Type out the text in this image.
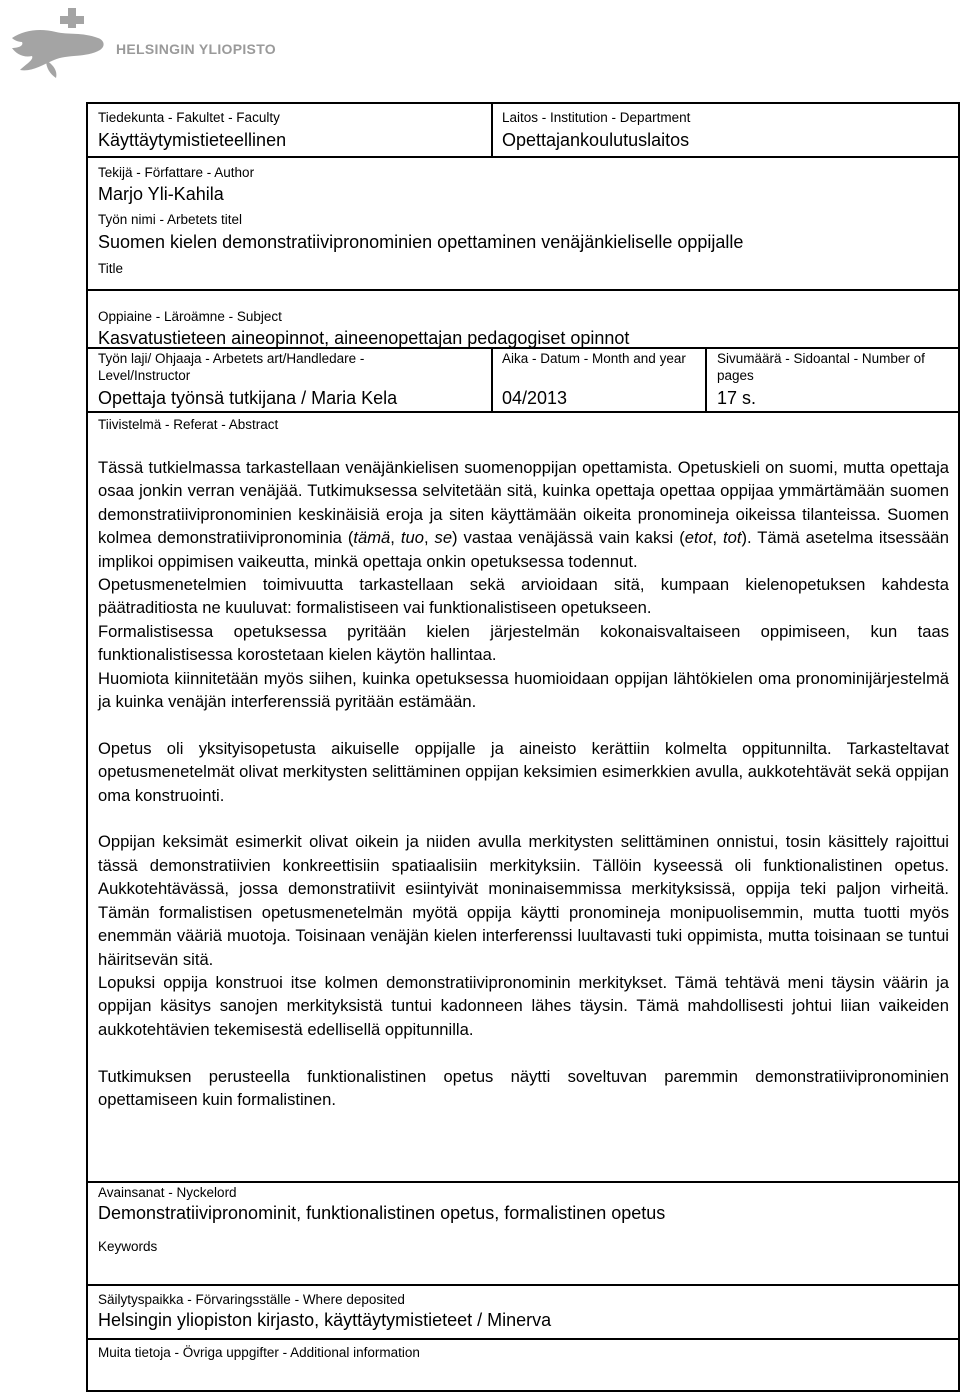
HELSINGIN YLIOPISTO
Tiedekunta - Fakultet - Faculty
Käyttäytymistieteellinen
Laitos - Institution - Department
Opettajankoulutuslaitos
Tekijä - Författare - Author
Marjo Yli-Kahila
Työn nimi - Arbetets titel
Suomen kielen demonstratiivipronominien opettaminen venäjänkieliselle oppijalle
Title
Oppiaine - Läroämne - Subject
Kasvatustieteen aineopinnot, aineenopettajan pedagogiset opinnot
Työn laji/ Ohjaaja - Arbetets art/Handledare - Level/Instructor
Opettaja työnsä tutkijana / Maria Kela
Aika - Datum - Month and year
04/2013
Sivumäärä - Sidoantal - Number of pages
17 s.
Tiivistelmä - Referat - Abstract

Tässä tutkielmassa tarkastellaan venäjänkielisen suomenoppijan opettamista. Opetuskieli on suomi, mutta opettaja osaa jonkin verran venäjää. Tutkimuksessa selvitetään sitä, kuinka opettaja opettaa oppijaa ymmärtämään suomen demonstratiivipronominien keskinäisiä eroja ja siten käyttämään oikeita pronomineja oikeissa tilanteissa. Suomen kolmea demonstratiivipronominia (tämä, tuo, se) vastaa venäjässä vain kaksi (etot, tot). Tämä asetelma itsessään implikoi oppimisen vaikeutta, minkä opettaja onkin opetuksessa todennut.

Opetusmenetelmien toimivuutta tarkastellaan sekä arvioidaan sitä, kumpaan kielenopetuksen kahdesta päätraditiosta ne kuuluvat: formalistiseen vai funktionalistiseen opetukseen.

Formalistisessa opetuksessa pyritään kielen järjestelmän kokonaisvaltaiseen oppimiseen, kun taas funktionalistisessa korostetaan kielen käytön hallintaa.

Huomiota kiinnitetään myös siihen, kuinka opetuksessa huomioidaan oppijan lähtökielen oma pronominijärjestelmä ja kuinka venäjän interferenssiä pyritään estämään.

Opetus oli yksityisopetusta aikuiselle oppijalle ja aineisto kerättiin kolmelta oppitunnilta. Tarkasteltavat opetusmenetelmät olivat merkitysten selittäminen oppijan keksimien esimerkkien avulla, aukkotehtävät sekä oppijan oma konstruointi.

Oppijan keksimät esimerkit olivat oikein ja niiden avulla merkitysten selittäminen onnistui, tosin käsittely rajoittui tässä demonstratiivien konkreettisiin spatiaalisiin merkityksiin. Tällöin kyseessä oli funktionalistinen opetus. Aukkotehtävässä, jossa demonstratiivit esiintyivät moninaisemmissa merkityksissä, oppija teki paljon virheitä. Tämän formalistisen opetusmenetelmän myötä oppija käytti pronomineja monipuolisemmin, mutta tuotti myös enemmän vääriä muotoja. Toisinaan venäjän kielen interferenssi luultavasti tuki oppimista, mutta toisinaan se tuntui häiritsevän sitä.

Lopuksi oppija konstruoi itse kolmen demonstratiivipronominin merkitykset. Tämä tehtävä meni täysin väärin ja oppijan käsitys sanojen merkityksistä tuntui kadonneen lähes täysin. Tämä mahdollisesti johtui liian vaikeiden aukkotehtävien tekemisestä edellisellä oppitunnilla.

Tutkimuksen perusteella funktionalistinen opetus näytti soveltuvan paremmin demonstratiivipronominien opettamiseen kuin formalistinen.

Avainsanat - Nyckelord
Demonstratiivipronominit, funktionalistinen opetus, formalistinen opetus
Keywords
Säilytyspaikka - Förvaringsställe - Where deposited
Helsingin yliopiston kirjasto, käyttäytymistieteet / Minerva
Muita tietoja - Övriga uppgifter - Additional information
